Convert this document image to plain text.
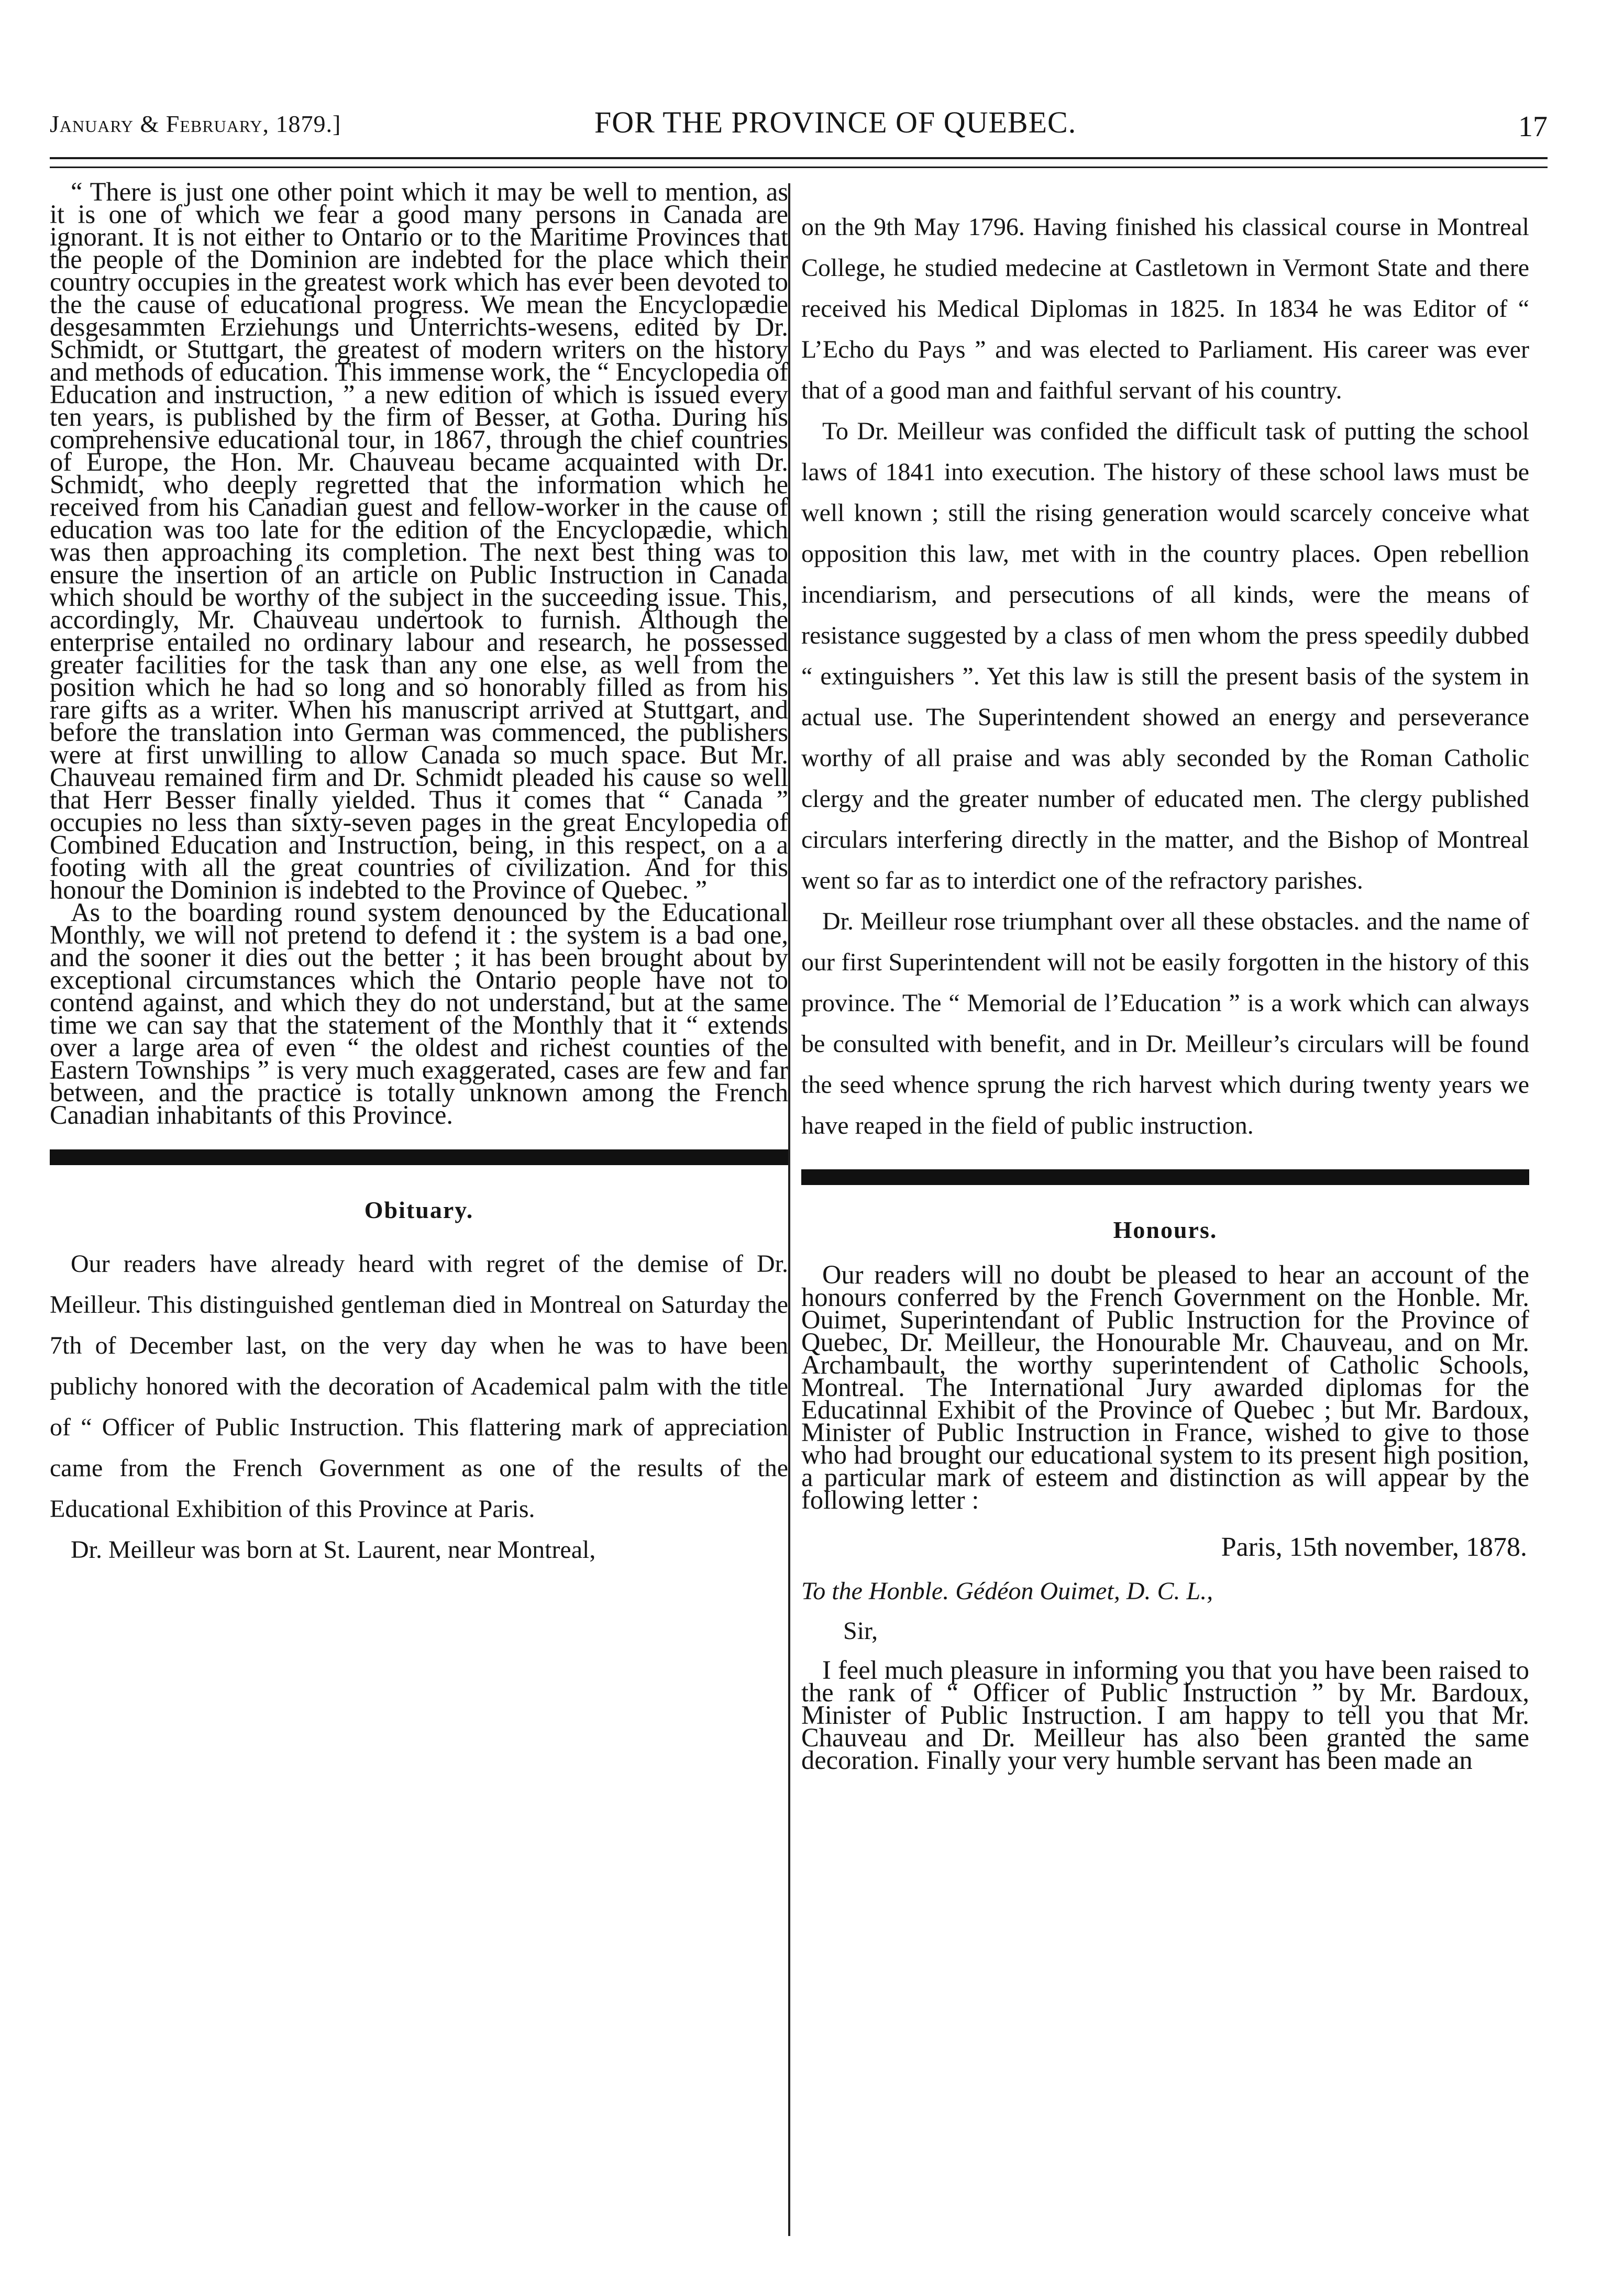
January & February, 1879.]	FOR THE PROVINCE OF QUEBEC.	17

“ There is just one other point which it may be well to mention, as it is one of which we fear a good many persons in Canada are ignorant. It is not either to Ontario or to the Maritime Provinces that the people of the Dominion are indebted for the place which their country occupies in the greatest work which has ever been devoted to the the cause of educational progress. We mean the Encyclopædie desgesammten Erziehungs und Unterrichts-wesens, edited by Dr. Schmidt, or Stuttgart, the greatest of modern writers on the history and methods of education. This immense work, the “ Encyclopedia of Education and instruction, ” a new edition of which is issued every ten years, is published by the firm of Besser, at Gotha. During his comprehensive educational tour, in 1867, through the chief countries of Europe, the Hon. Mr. Chauveau became acquainted with Dr. Schmidt, who deeply regretted that the information which he received from his Canadian guest and fellow-worker in the cause of education was too late for the edition of the Encyclopædie, which was then approaching its completion. The next best thing was to ensure the insertion of an article on Public Instruction in Canada which should be worthy of the subject in the succeeding issue. This, accordingly, Mr. Chauveau undertook to furnish. Although the enterprise entailed no ordinary labour and research, he possessed greater facilities for the task than any one else, as well from the position which he had so long and so honorably filled as from his rare gifts as a writer. When his manuscript arrived at Stuttgart, and before the translation into German was commenced, the publishers were at first unwilling to allow Canada so much space. But Mr. Chauveau remained firm and Dr. Schmidt pleaded his cause so well that Herr Besser finally yielded. Thus it comes that “ Canada ” occupies no less than sixty-seven pages in the great Encylopedia of Combined Education and Instruction, being, in this respect, on a a footing with all the great countries of civilization. And for this honour the Dominion is indebted to the Province of Quebec. ”

As to the boarding round system denounced by the Educational Monthly, we will not pretend to defend it : the system is a bad one, and the sooner it dies out the better ; it has been brought about by exceptional circumstances which the Ontario people have not to contend against, and which they do not understand, but at the same time we can say that the statement of the Monthly that it “ extends over a large area of even “ the oldest and richest counties of the Eastern Townships ” is very much exaggerated, cases are few and far between, and the practice is totally unknown among the French Canadian inhabitants of this Province.

Obituary.

Our readers have already heard with regret of the demise of Dr. Meilleur. This distinguished gentleman died in Montreal on Saturday the 7th of December last, on the very day when he was to have been publichy honored with the decoration of Academical palm with the title of “ Officer of Public Instruction. This flattering mark of appreciation came from the French Government as one of the results of the Educational Exhibition of this Province at Paris.

Dr. Meilleur was born at St. Laurent, near Montreal,

on the 9th May 1796. Having finished his classical course in Montreal College, he studied medecine at Castletown in Vermont State and there received his Medical Diplomas in 1825. In 1834 he was Editor of “ L’Echo du Pays ” and was elected to Parliament. His career was ever that of a good man and faithful servant of his country.

To Dr. Meilleur was confided the difficult task of putting the school laws of 1841 into execution. The history of these school laws must be well known ; still the rising generation would scarcely conceive what opposition this law, met with in the country places. Open rebellion incendiarism, and persecutions of all kinds, were the means of resistance suggested by a class of men whom the press speedily dubbed “ extinguishers ”. Yet this law is still the present basis of the system in actual use. The Superintendent showed an energy and perseverance worthy of all praise and was ably seconded by the Roman Catholic clergy and the greater number of educated men. The clergy published circulars interfering directly in the matter, and the Bishop of Montreal went so far as to interdict one of the refractory parishes.

Dr. Meilleur rose triumphant over all these obstacles. and the name of our first Superintendent will not be easily forgotten in the history of this province. The “ Memorial de l’Education ” is a work which can always be consulted with benefit, and in Dr. Meilleur’s circulars will be found the seed whence sprung the rich harvest which during twenty years we have reaped in the field of public instruction.

Honours.

Our readers will no doubt be pleased to hear an account of the honours conferred by the French Government on the Honble. Mr. Ouimet, Superintendant of Public Instruction for the Province of Quebec, Dr. Meilleur, the Honourable Mr. Chauveau, and on Mr. Archambault, the worthy superintendent of Catholic Schools, Montreal. The International Jury awarded diplomas for the Educatinnal Exhibit of the Province of Quebec ; but Mr. Bardoux, Minister of Public Instruction in France, wished to give to those who had brought our educational system to its present high position, a particular mark of esteem and distinction as will appear by the following letter :

Paris, 15th november, 1878.
To the Honble. Gédéon Ouimet, D. C. L.,
Sir,

I feel much pleasure in informing you that you have been raised to the rank of “ Officer of Public Instruction ” by Mr. Bardoux, Minister of Public Instruction. I am happy to tell you that Mr. Chauveau and Dr. Meilleur has also been granted the same decoration. Finally your very humble servant has been made an
